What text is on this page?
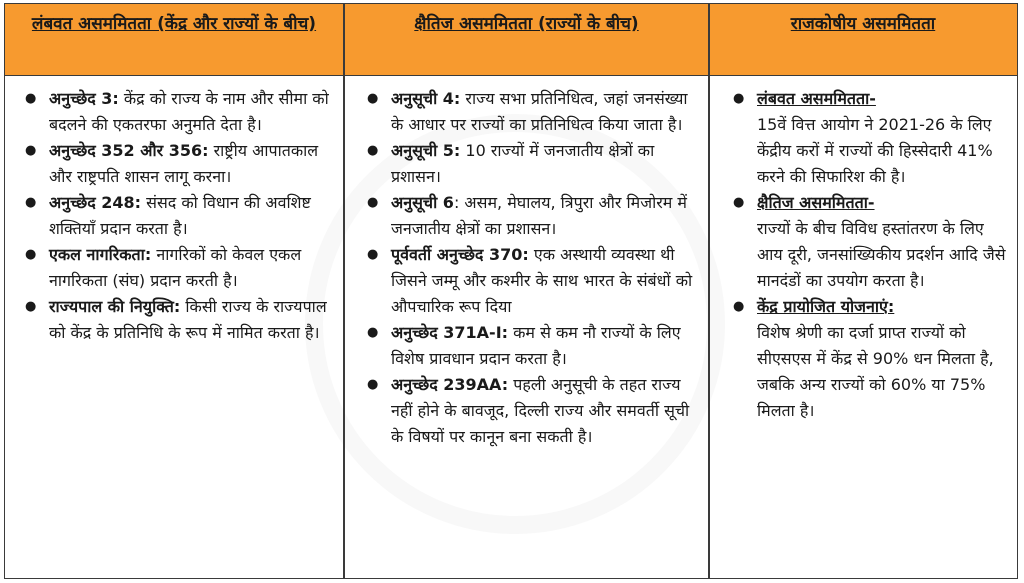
लंबवत असममितता (केंद्र और राज्यों के बीच)	क्षैतिज असममितता (राज्यों के बीच)	राजकोषीय असममितता
● अनुच्छेद 3: केंद्र को राज्य के नाम और सीमा को बदलने की एकतरफा अनुमति देता है।
● अनुच्छेद 352 और 356: राष्ट्रीय आपातकाल और राष्ट्रपति शासन लागू करना।
● अनुच्छेद 248: संसद को विधान की अवशिष्ट शक्तियाँ प्रदान करता है।
● एकल नागरिकता: नागरिकों को केवल एकल नागरिकता (संघ) प्रदान करती है।
● राज्यपाल की नियुक्ति: किसी राज्य के राज्यपाल को केंद्र के प्रतिनिधि के रूप में नामित करता है।
● अनुसूची 4: राज्य सभा प्रतिनिधित्व, जहां जनसंख्या के आधार पर राज्यों का प्रतिनिधित्व किया जाता है।
● अनुसूची 5: 10 राज्यों में जनजातीय क्षेत्रों का प्रशासन।
● अनुसूची 6: असम, मेघालय, त्रिपुरा और मिजोरम में जनजातीय क्षेत्रों का प्रशासन।
● पूर्ववर्ती अनुच्छेद 370: एक अस्थायी व्यवस्था थी जिसने जम्मू और कश्मीर के साथ भारत के संबंधों को औपचारिक रूप दिया
● अनुच्छेद 371A-I: कम से कम नौ राज्यों के लिए विशेष प्रावधान प्रदान करता है।
● अनुच्छेद 239AA: पहली अनुसूची के तहत राज्य नहीं होने के बावजूद, दिल्ली राज्य और समवर्ती सूची के विषयों पर कानून बना सकती है।
● लंबवत असममितता-
15वें वित्त आयोग ने 2021-26 के लिए केंद्रीय करों में राज्यों की हिस्सेदारी 41% करने की सिफारिश की है।
● क्षैतिज असममितता-
राज्यों के बीच विविध हस्तांतरण के लिए आय दूरी, जनसांख्यिकीय प्रदर्शन आदि जैसे मानदंडों का उपयोग करता है।
● केंद्र प्रायोजित योजनाएं:
विशेष श्रेणी का दर्जा प्राप्त राज्यों को सीएसएस में केंद्र से 90% धन मिलता है, जबकि अन्य राज्यों को 60% या 75% मिलता है।
